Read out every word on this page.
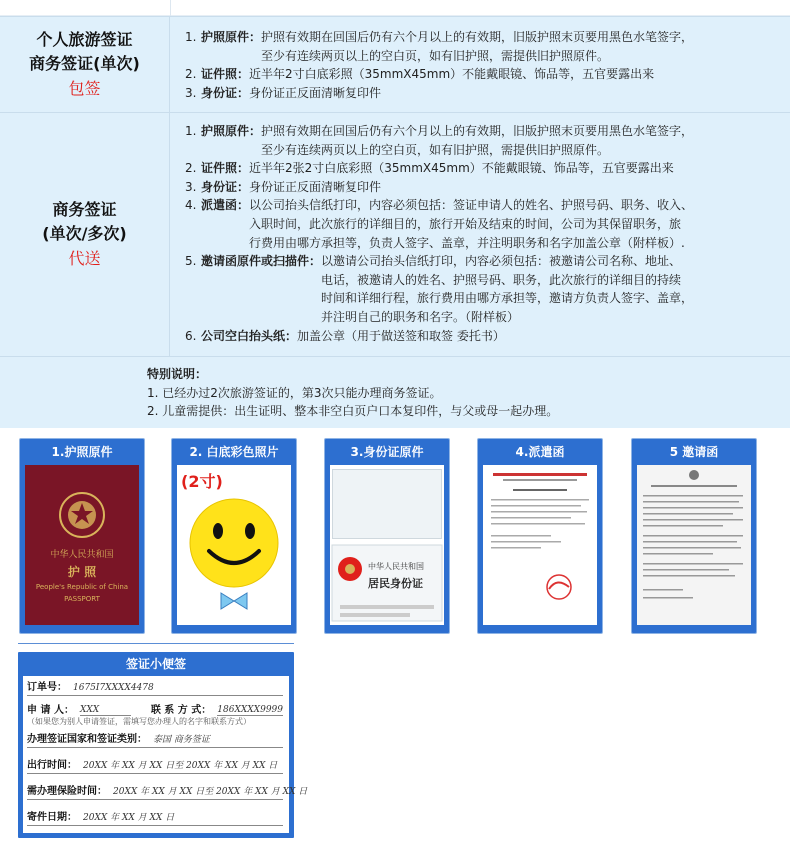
个人旅游签证
商务签证(单次)
包签
1. 护照原件： 护照有效期在回国后仍有六个月以上的有效期，旧版护照末页要用黑色水笔签字，
至少有连续两页以上的空白页，如有旧护照，需提供旧护照原件。
2. 证件照： 近半年2寸白底彩照（35mmX45mm）不能戴眼镜、饰品等，五官要露出来
3. 身份证： 身份证正反面清晰复印件
商务签证
(单次/多次)
代送
1. 护照原件： 护照有效期在回国后仍有六个月以上的有效期，旧版护照末页要用黑色水笔签字，
至少有连续两页以上的空白页，如有旧护照，需提供旧护照原件。
2. 证件照： 近半年2张2寸白底彩照（35mmX45mm）不能戴眼镜、饰品等，五官要露出来
3. 身份证： 身份证正反面清晰复印件
4. 派遣函： 以公司抬头信纸打印，内容必须包括：签证申请人的姓名、护照号码、职务、收入、
入职时间，此次旅行的详细目的，旅行开始及结束的时间，公司为其保留职务，旅
行费用由哪方承担等，负责人签字、盖章，并注明职务和名字加盖公章（附样板）.
5. 邀请函原件或扫描件： 以邀请公司抬头信纸打印，内容必须包括：被邀请公司名称、地址、
电话，被邀请人的姓名、护照号码、职务，此次旅行的详细目的持续
时间和详细行程，旅行费用由哪方承担等，邀请方负责人签字、盖章，
并注明自己的职务和名字。（附样板）
6. 公司空白抬头纸： 加盖公章（用于做送签和取签 委托书）
特别说明：
1. 已经办过2次旅游签证的，第3次只能办理商务签证。
2. 儿童需提供：出生证明、整本非空白页户口本复印件，与父或母一起办理。
1.护照原件
中华人民共和国
护 照
People's Republic of China
PASSPORT
2. 白底彩色照片
(2寸)
3.身份证原件
中华人民共和国
居民身份证
4.派遣函	5 邀请函
签证小便签
订单号： 1675I7XXXX4478
申 请 人： XXX	联 系 方 式： 186XXXX9999
（如果您为别人申请签证，需填写您办理人的名字和联系方式）
办理签证国家和签证类别： 泰国 商务签证
出行时间： 20XX 年 XX 月 XX 日至 20XX 年 XX 月 XX 日
需办理保险时间： 20XX 年 XX 月 XX 日至 20XX 年 XX 月 XX 日
寄件日期： 20XX 年 XX 月 XX 日
